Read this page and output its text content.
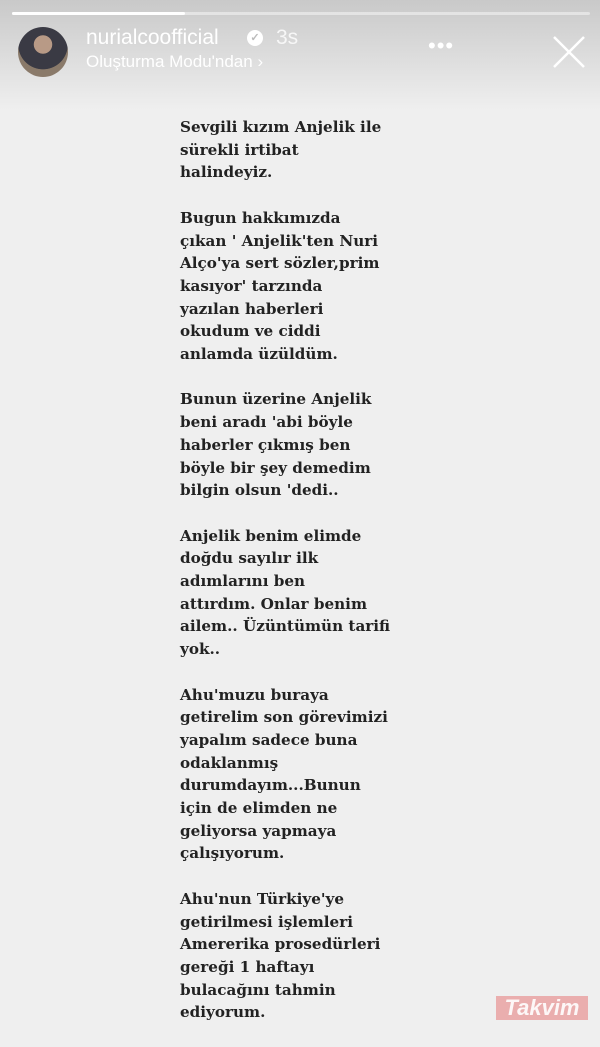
nurialcoofficial	✓ 3s
Oluşturma Modu'ndan ›
•••

Sevgili kızım Anjelik ile
sürekli irtibat
halindeyiz.

Bugun hakkımızda
çıkan ' Anjelik'ten Nuri
Alço'ya sert sözler,prim
kasıyor' tarzında
yazılan haberleri
okudum ve ciddi
anlamda üzüldüm.

Bunun üzerine Anjelik
beni aradı 'abi böyle
haberler çıkmış ben
böyle bir şey demedim
bilgin olsun 'dedi..

Anjelik benim elimde
doğdu sayılır ilk
adımlarını ben
attırdım. Onlar benim
ailem.. Üzüntümün tarifi
yok..

Ahu'muzu buraya
getirelim son görevimizi
yapalım sadece buna
odaklanmış
durumdayım...Bunun
için de elimden ne
geliyorsa yapmaya
çalışıyorum.

Ahu'nun Türkiye'ye
getirilmesi işlemleri
Amererika prosedürleri
gereği 1 haftayı
bulacağını tahmin
ediyorum.	Takvim
